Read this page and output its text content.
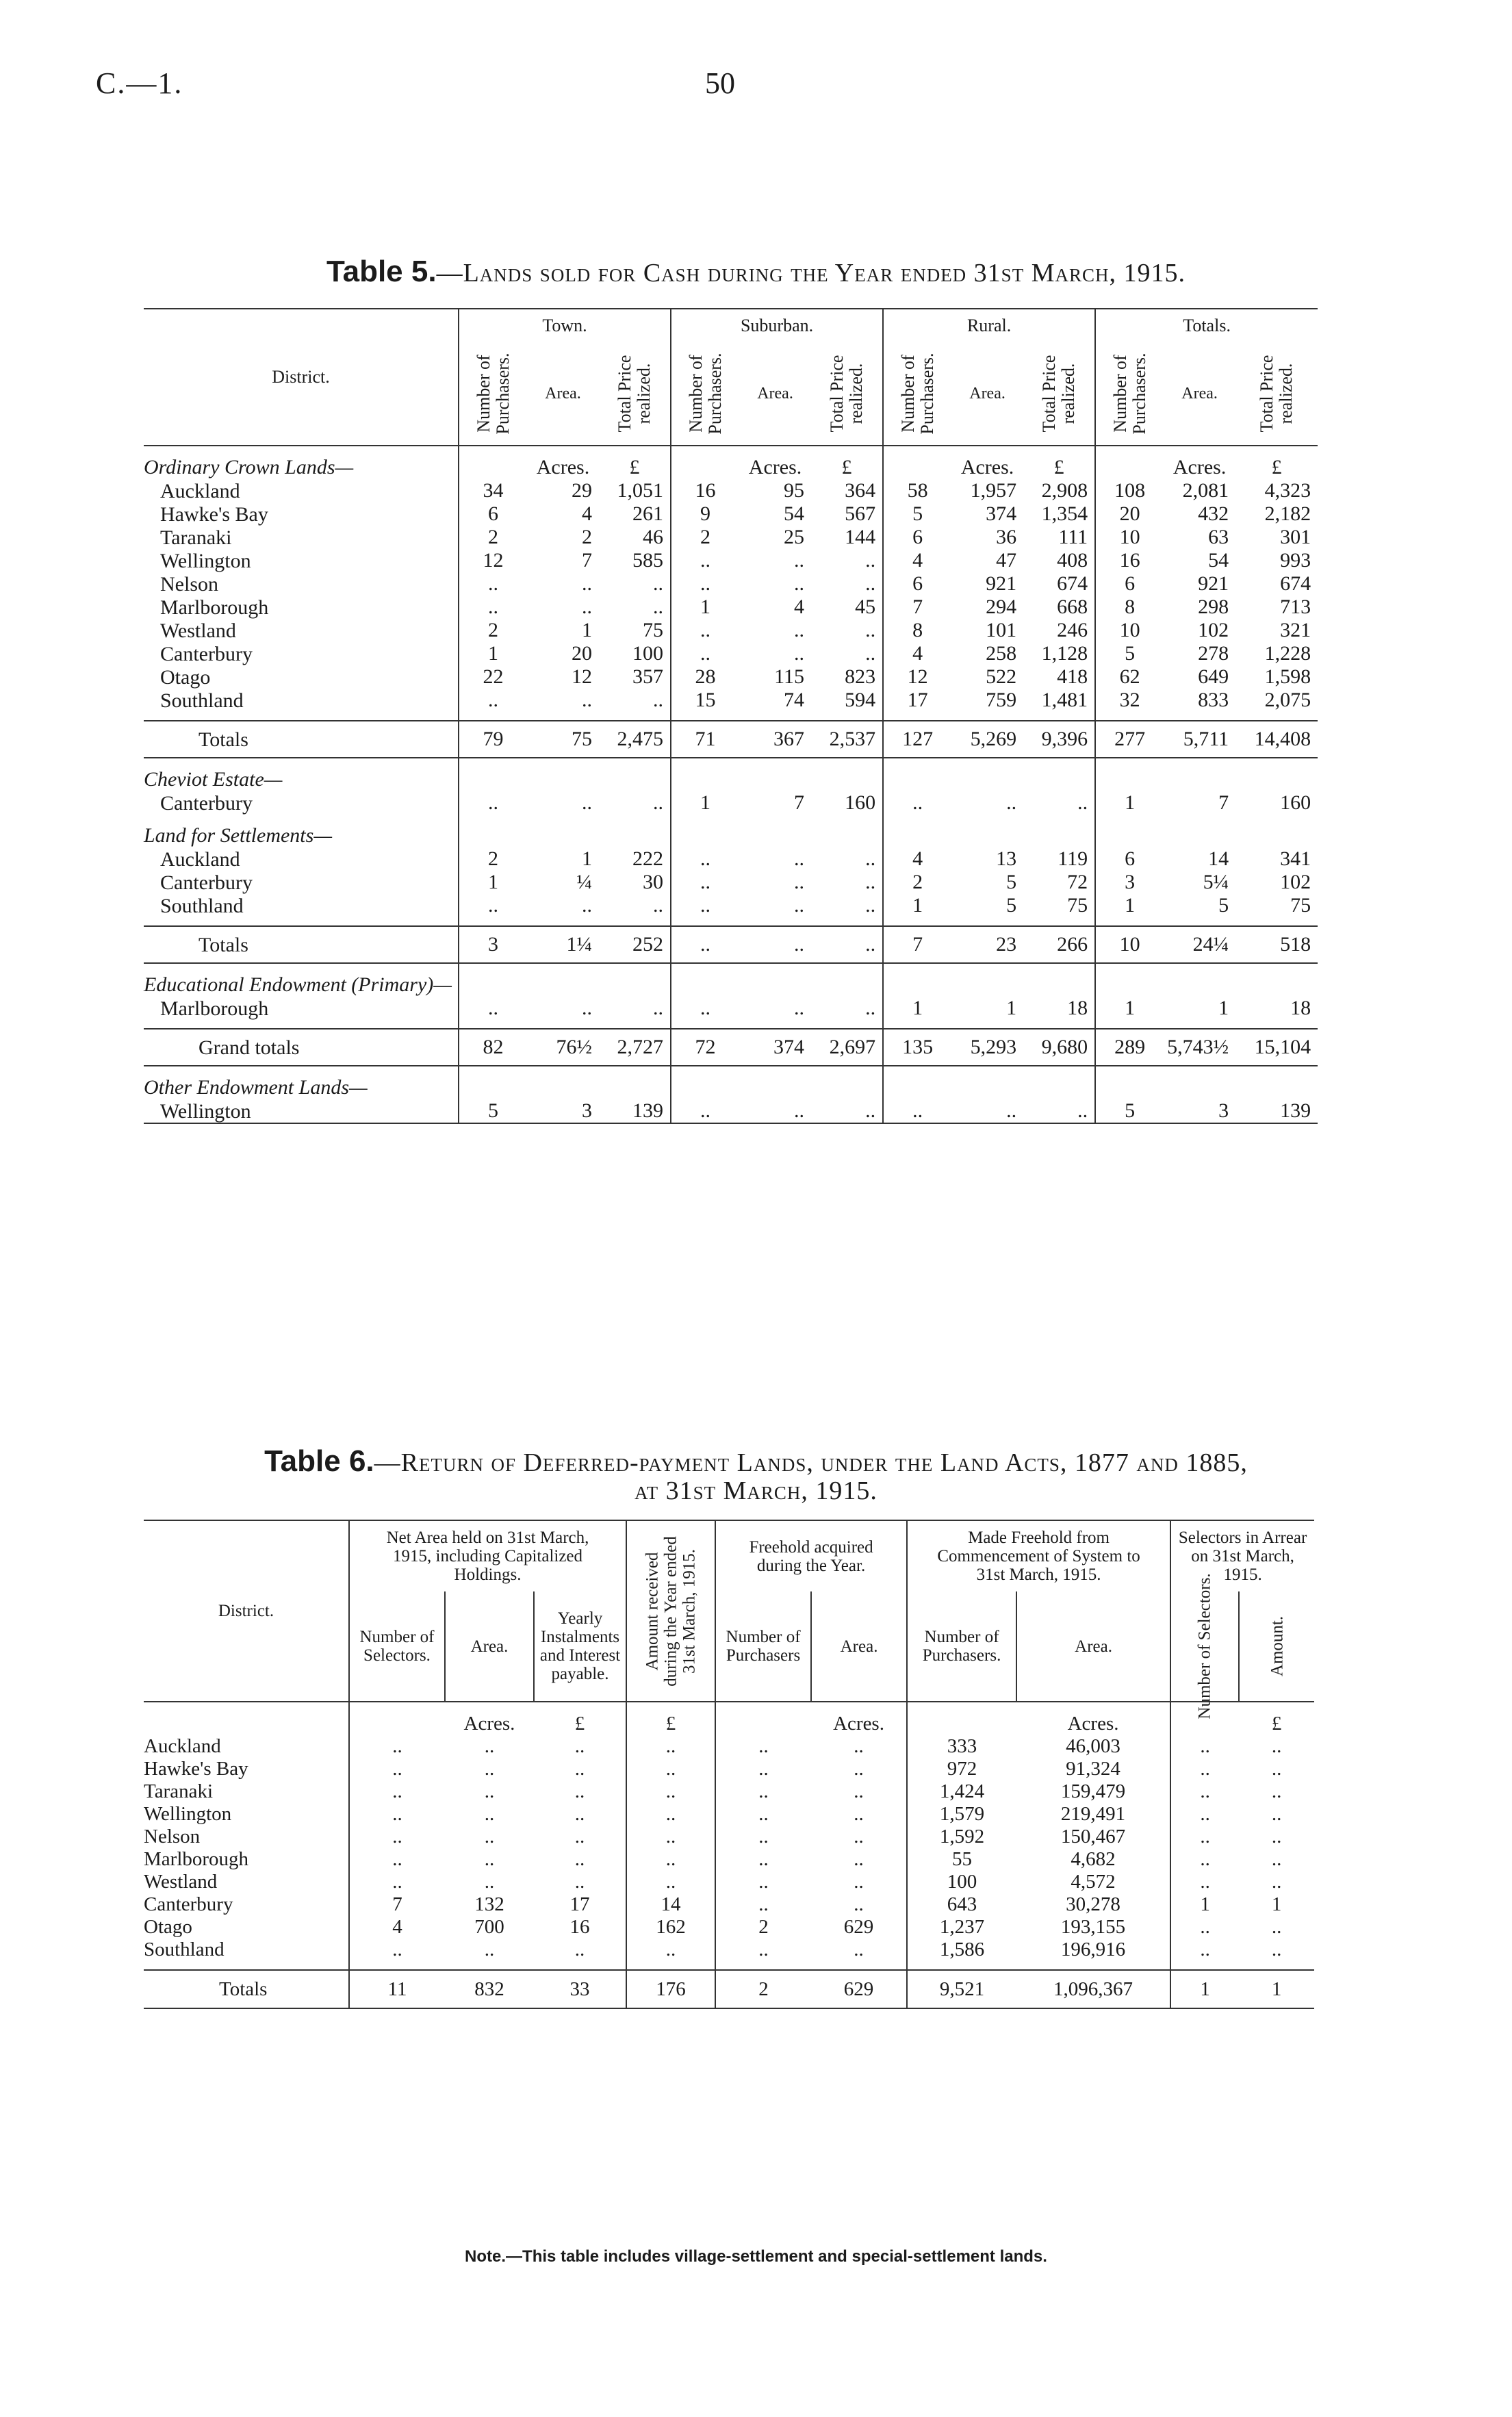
C.—1.	50
Table 5.—Lands sold for Cash during the Year ended 31st March, 1915.
District.	Town.			Suburban.			Rural.			Totals.		

	Number of Purchasers.	Area.	Total Price realized.	Number of Purchasers.	Area.	Total Price realized.	Number of Purchasers.	Area.	Total Price realized.	Number of Purchasers.	Area.	Total Price realized.

Ordinary Crown Lands—		Acres.	£		Acres.	£		Acres.	£		Acres.	£
Auckland	34	29	1,051	16	95	364	58	1,957	2,908	108	2,081	4,323
Hawke's Bay	6	4	261	9	54	567	5	374	1,354	20	432	2,182
Taranaki	2	2	46	2	25	144	6	36	111	10	63	301
Wellington	12	7	585	..	..	..	4	47	408	16	54	993
Nelson	..	..	..	..	..	..	6	921	674	6	921	674
Marlborough	..	..	..	1	4	45	7	294	668	8	298	713
Westland	2	1	75	..	..	..	8	101	246	10	102	321
Canterbury	1	20	100	..	..	..	4	258	1,128	5	278	1,228
Otago	22	12	357	28	115	823	12	522	418	62	649	1,598
Southland	..	..	..	15	74	594	17	759	1,481	32	833	2,075

Totals	79	75	2,475	71	367	2,537	127	5,269	9,396	277	5,711	14,408

Cheviot Estate—												
Canterbury	..	..	..	1	7	160	..	..	..	1	7	160

Land for Settlements—												
Auckland	2	1	222	..	..	..	4	13	119	6	14	341
Canterbury	1	¼	30	..	..	..	2	5	72	3	5¼	102
Southland	..	..	..	..	..	..	1	5	75	1	5	75

Totals	3	1¼	252	..	..	..	7	23	266	10	24¼	518

Educational Endowment (Primary)—												
Marlborough	..	..	..	..	..	..	1	1	18	1	1	18

Grand totals	82	76½	2,727	72	374	2,697	135	5,293	9,680	289	5,743½	15,104

Other Endowment Lands—												
Wellington	5	3	139	..	..	..	..	..	..	5	3	139

Table 6.—Return of Deferred-payment Lands, under the Land Acts, 1877 and 1885,
at 31st March, 1915.
District.	Net Area held on 31st March, 1915, including Capitalized Holdings.			Amount received during the Year ended 31st March, 1915.	Freehold acquired during the Year.		Made Freehold from Commencement of System to 31st March, 1915.		Selectors in Arrear on 31st March, 1915.	
	Number of Selectors.	Area.	Yearly Instalments and Interest payable.		Number of Purchasers	Area.	Number of Purchasers.	Area.	Number of Selectors.	Amount.

		Acres.	£	£		Acres.		Acres.		£
Auckland	..	..	..	..	..	..	333	46,003	..	..
Hawke's Bay	..	..	..	..	..	..	972	91,324	..	..
Taranaki	..	..	..	..	..	..	1,424	159,479	..	..
Wellington	..	..	..	..	..	..	1,579	219,491	..	..
Nelson	..	..	..	..	..	..	1,592	150,467	..	..
Marlborough	..	..	..	..	..	..	55	4,682	..	..
Westland	..	..	..	..	..	..	100	4,572	..	..
Canterbury	7	132	17	14	..	..	643	30,278	1	1
Otago	4	700	16	162	2	629	1,237	193,155	..	..
Southland	..	..	..	..	..	..	1,586	196,916	..	..

Totals	11	832	33	176	2	629	9,521	1,096,367	1	1
Note.—This table includes village-settlement and special-settlement lands.
